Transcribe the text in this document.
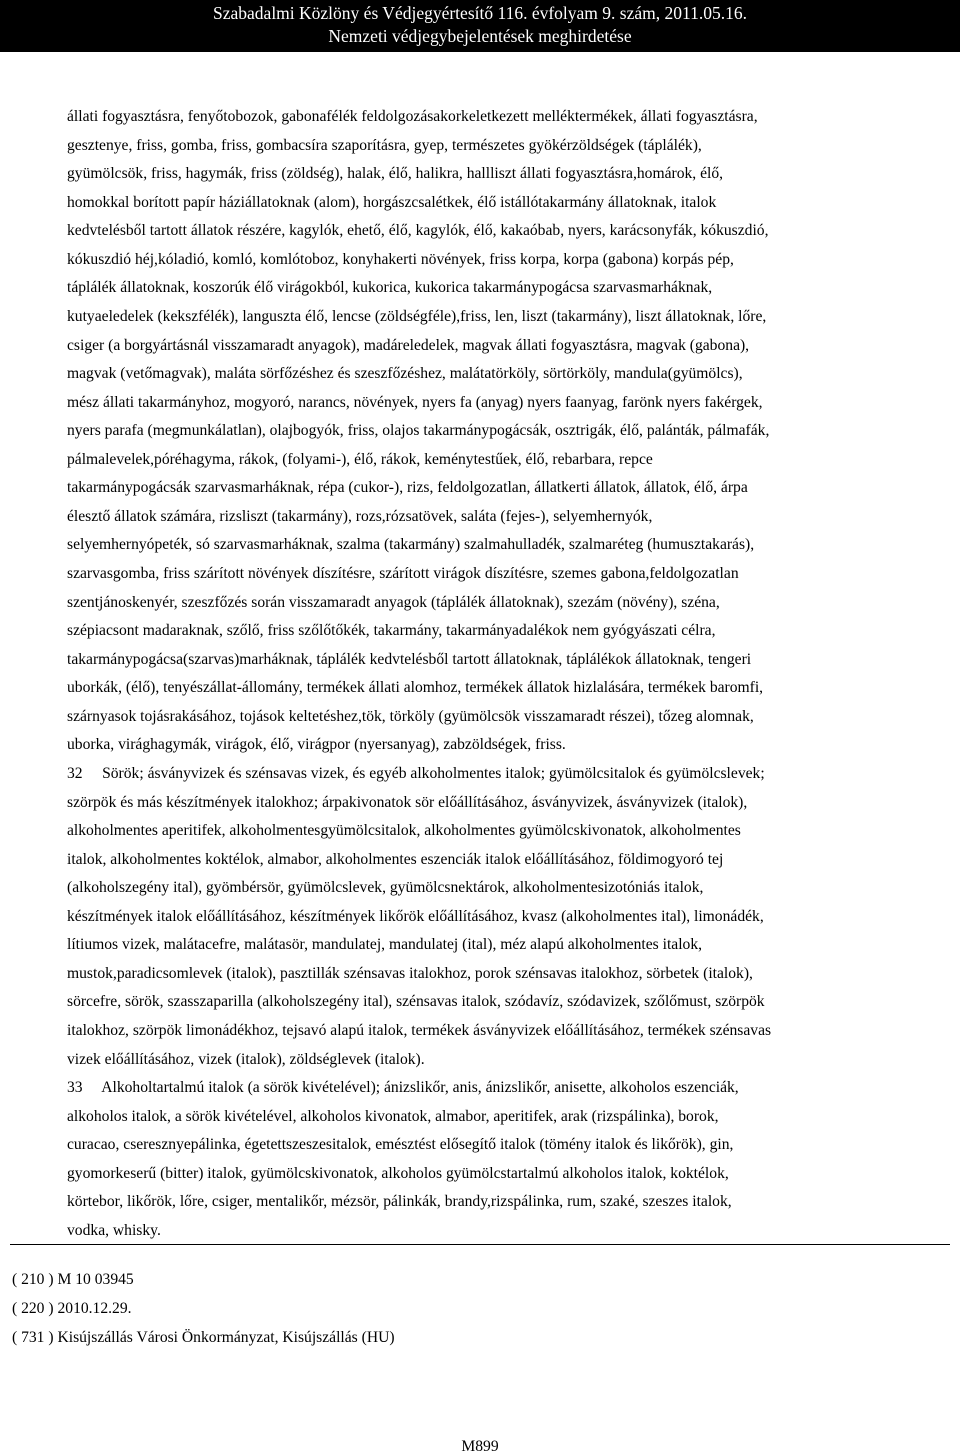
Szabadalmi Közlöny és Védjegyértesítő 116. évfolyam 9. szám, 2011.05.16.
Nemzeti védjegybejelentések meghirdetése
állati fogyasztásra, fenyőtobozok, gabonafélék feldolgozásakorkeletkezett melléktermékek, állati fogyasztásra,
gesztenye, friss, gomba, friss, gombacsíra szaporításra, gyep, természetes gyökérzöldségek (táplálék),
gyümölcsök, friss, hagymák, friss (zöldség), halak, élő, halikra, hallliszt állati fogyasztásra,homárok, élő,
homokkal borított papír háziállatoknak (alom), horgászcsalétkek, élő istállótakarmány állatoknak, italok
kedvtelésből tartott állatok részére, kagylók, ehető, élő, kagylók, élő, kakaóbab, nyers, karácsonyfák, kókuszdió,
kókuszdió héj,kóladió, komló, komlótoboz, konyhakerti növények, friss korpa, korpa (gabona) korpás pép,
táplálék állatoknak, koszorúk élő virágokból, kukorica, kukorica takarmánypogácsa szarvasmarháknak,
kutyaeledelek (kekszfélék), languszta élő, lencse (zöldségféle),friss, len, liszt (takarmány), liszt állatoknak, lőre,
csiger (a borgyártásnál visszamaradt anyagok), madáreledelek, magvak állati fogyasztásra, magvak (gabona),
magvak (vetőmagvak), maláta sörfőzéshez és szeszfőzéshez, malátatörköly, sörtörköly, mandula(gyümölcs),
mész állati takarmányhoz, mogyoró, narancs, növények, nyers fa (anyag) nyers faanyag, farönk nyers fakérgek,
nyers parafa (megmunkálatlan), olajbogyók, friss, olajos takarmánypogácsák, osztrigák, élő, palánták, pálmafák,
pálmalevelek,póréhagyma, rákok, (folyami-), élő, rákok, keménytestűek, élő, rebarbara, repce
takarmánypogácsák szarvasmarháknak, répa (cukor-), rizs, feldolgozatlan, állatkerti állatok, állatok, élő, árpa
élesztő állatok számára, rizsliszt (takarmány), rozs,rózsatövek, saláta (fejes-), selyemhernyók,
selyemhernyópeték, só szarvasmarháknak, szalma (takarmány) szalmahulladék, szalmaréteg (humusztakarás),
szarvasgomba, friss szárított növények díszítésre, szárított virágok díszítésre, szemes gabona,feldolgozatlan
szentjánoskenyér, szeszfőzés során visszamaradt anyagok (táplálék állatoknak), szezám (növény), széna,
szépiacsont madaraknak, szőlő, friss szőlőtőkék, takarmány, takarmányadalékok nem gyógyászati célra,
takarmánypogácsa(szarvas)marháknak, táplálék kedvtelésből tartott állatoknak, táplálékok állatoknak, tengeri
uborkák, (élő), tenyészállat-állomány, termékek állati alomhoz, termékek állatok hizlalására, termékek baromfi,
szárnyasok tojásrakásához, tojások keltetéshez,tök, törköly (gyümölcsök visszamaradt részei), tőzeg alomnak,
uborka, virághagymák, virágok, élő, virágpor (nyersanyag), zabzöldségek, friss.
32     Sörök; ásványvizek és szénsavas vizek, és egyéb alkoholmentes italok; gyümölcsitalok és gyümölcslevek;
szörpök és más készítmények italokhoz; árpakivonatok sör előállításához, ásványvizek, ásványvizek (italok),
alkoholmentes aperitifek, alkoholmentesgyümölcsitalok, alkoholmentes gyümölcskivonatok, alkoholmentes
italok, alkoholmentes koktélok, almabor, alkoholmentes eszenciák italok előállításához, földimogyoró tej
(alkoholszegény ital), gyömbérsör, gyümölcslevek, gyümölcsnektárok, alkoholmentesizotóniás italok,
készítmények italok előállításához, készítmények likőrök előállításához, kvasz (alkoholmentes ital), limonádék,
lítiumos vizek, malátacefre, malátasör, mandulatej, mandulatej (ital), méz alapú alkoholmentes italok,
mustok,paradicsomlevek (italok), pasztillák szénsavas italokhoz, porok szénsavas italokhoz, sörbetek (italok),
sörcefre, sörök, szasszaparilla (alkoholszegény ital), szénsavas italok, szódavíz, szódavizek, szőlőmust, szörpök
italokhoz, szörpök limonádékhoz, tejsavó alapú italok, termékek ásványvizek előállításához, termékek szénsavas
vizek előállításához, vizek (italok), zöldséglevek (italok).
33     Alkoholtartalmú italok (a sörök kivételével); ánizslikőr, anis, ánizslikőr, anisette, alkoholos eszenciák,
alkoholos italok, a sörök kivételével, alkoholos kivonatok, almabor, aperitifek, arak (rizspálinka), borok,
curacao, cseresznyepálinka, égetettszeszesitalok, emésztést elősegítő italok (tömény italok és likőrök), gin,
gyomorkeserű (bitter) italok, gyümölcskivonatok, alkoholos gyümölcstartalmú alkoholos italok, koktélok,
körtebor, likőrök, lőre, csiger, mentalikőr, mézsör, pálinkák, brandy,rizspálinka, rum, szaké, szeszes italok,
vodka, whisky.
( 210 ) M 10 03945
( 220 ) 2010.12.29.
( 731 ) Kisújszállás Városi Önkormányzat, Kisújszállás (HU)
M899
